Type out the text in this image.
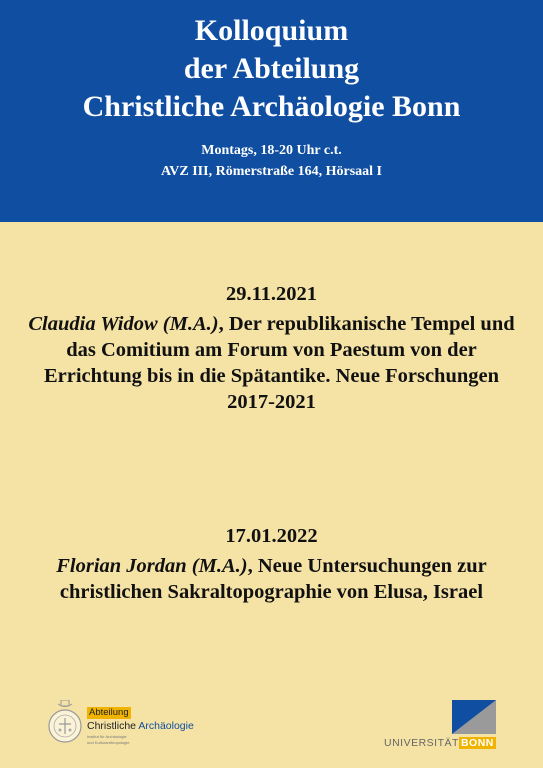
Kolloquium
der Abteilung
Christliche Archäologie Bonn
Montags, 18-20 Uhr c.t.
AVZ III, Römerstraße 164, Hörsaal I
29.11.2021
Claudia Widow (M.A.), Der republikanische Tempel und das Comitium am Forum von Paestum von der Errichtung bis in die Spätantike. Neue Forschungen 2017-2021
17.01.2022
Florian Jordan (M.A.), Neue Untersuchungen zur christlichen Sakraltopographie von Elusa, Israel
Abteilung
Christliche Archäologie
Institut für Archäologie
und Kulturanthropologie	UNIVERSITÄT BONN
